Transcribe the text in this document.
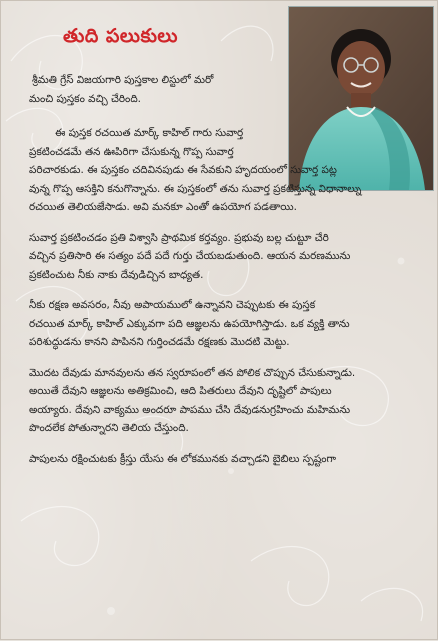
తుది పలుకులు
శ్రీమతి గ్రేస్ విజయగారి పుస్తకాల లిస్టులో మరో
మంచి పుస్తకం వచ్చి చేరింది.
ఈ పుస్తక రచయిత మార్క్ కాహిల్ గారు సువార్త
ప్రకటించడమే తన ఊపిరిగా చేసుకున్న గొప్ప సువార్త
పరిచారకుడు. ఈ పుస్తకం చదివినపుడు ఈ సేవకుని హృదయంలో సువార్త పట్ల
వున్న గొప్ప ఆసక్తిని కనుగొన్నాను. ఈ పుస్తకంలో తను సువార్త ప్రకటిస్తున్న విధానాల్ను
రచయిత తెలియజేసాడు. అవి మనకూ ఎంతో ఉపయోగ పడతాయి.
సువార్త ప్రకటించడం ప్రతి విశ్వాసి ప్రాథమిక కర్తవ్యం. ప్రభువు బల్ల చుట్టూ చేరి
వచ్చిన ప్రతిసారి ఈ సత్యం పదే పదే గుర్తు చేయబడుతుంది. ఆయన మరణమును
ప్రకటించుట నీకు నాకు దేవుడిచ్చిన బాధ్యత.
నీకు రక్షణ అవసరం, నీవు అపాయములో ఉన్నావని చెప్పుటకు ఈ పుస్తక
రచయిత మార్క్ కాహిల్ ఎక్కువగా పది ఆజ్ఞలను ఉపయోగిస్తాడు. ఒక వ్యక్తి తాను
పరిశుద్ధుడను కానని పాపినని గుర్తించడమే రక్షణకు మొదటి మెట్టు.
మొదట దేవుడు మానవులను తన స్వరూపంలో తన పోలిక చొప్పున చేసుకున్నాడు.
అయితే దేవుని ఆజ్ఞలను అతిక్రమించి, ఆది పితరులు దేవుని దృష్టిలో పాపులు
అయ్యారు. దేవుని వాక్యము అందరూ పాపము చేసి దేవుడనుగ్రహించు మహిమను
పొందలేక పోతున్నారని తెలియ చేస్తుంది.
పాపులను రక్షించుటకు క్రీస్తు యేసు ఈ లోకమునకు వచ్చాడని బైబిలు స్పష్టంగా
